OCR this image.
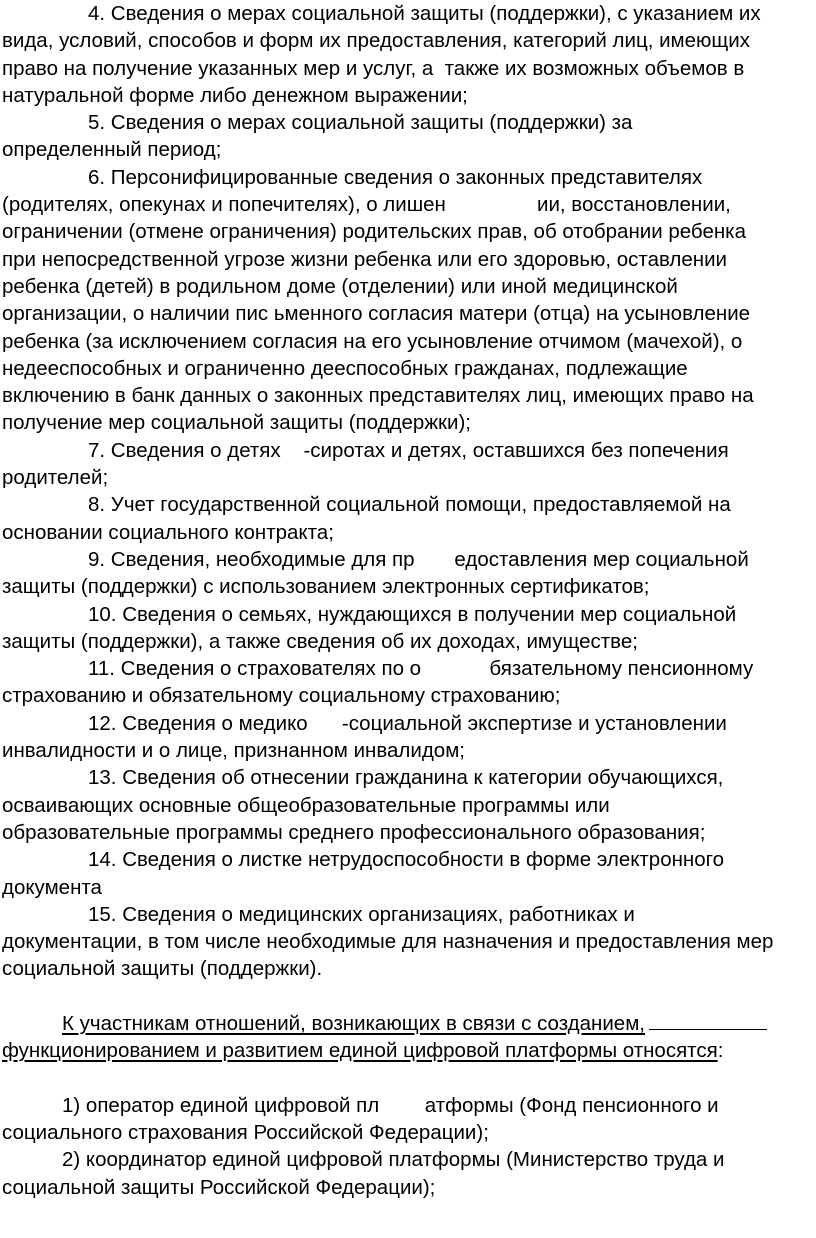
4. Сведения о мерах социальной защиты (поддержки), с указанием их
вида, условий, способов и форм их предоставления, категорий лиц, имеющих
право на получение указанных мер и услуг, а  также их возможных объемов в
натуральной форме либо денежном выражении;
5. Сведения о мерах социальной защиты (поддержки) за
определенный период;
6. Персонифицированные сведения о законных представителях
(родителях, опекунах и попечителях), о лишен                ии, восстановлении,
ограничении (отмене ограничения) родительских прав, об отобрании ребенка
при непосредственной угрозе жизни ребенка или его здоровью, оставлении
ребенка (детей) в родильном доме (отделении) или иной медицинской
организации, о наличии пис ьменного согласия матери (отца) на усыновление
ребенка (за исключением согласия на его усыновление отчимом (мачехой), о
недееспособных и ограниченно дееспособных гражданах, подлежащие
включению в банк данных о законных представителях лиц, имеющих право на
получение мер социальной защиты (поддержки);
7. Сведения о детях    -сиротах и детях, оставшихся без попечения
родителей;
8. Учет государственной социальной помощи, предоставляемой на
основании социального контракта;
9. Сведения, необходимые для пр       едоставления мер социальной
защиты (поддержки) с использованием электронных сертификатов;
10. Сведения о семьях, нуждающихся в получении мер социальной
защиты (поддержки), а также сведения об их доходах, имуществе;
11. Сведения о страхователях по о            бязательному пенсионному
страхованию и обязательному социальному страхованию;
12. Сведения о медико      -социальной экспертизе и установлении
инвалидности и о лице, признанном инвалидом;
13. Сведения об отнесении гражданина к категории обучающихся,
осваивающих основные общеобразовательные программы или
образовательные программы среднего профессионального образования;
14. Сведения о листке нетрудоспособности в форме электронного
документа
15. Сведения о медицинских организациях, работниках и
документации, в том числе необходимые для назначения и предоставления мер
социальной защиты (поддержки).
К участникам отношений, возникающих в связи с созданием,
функционированием и развитием единой цифровой платформы относятся:
1) оператор единой цифровой пл        атформы (Фонд пенсионного и
социального страхования Российской Федерации);
2) координатор единой цифровой платформы (Министерство труда и
социальной защиты Российской Федерации);
